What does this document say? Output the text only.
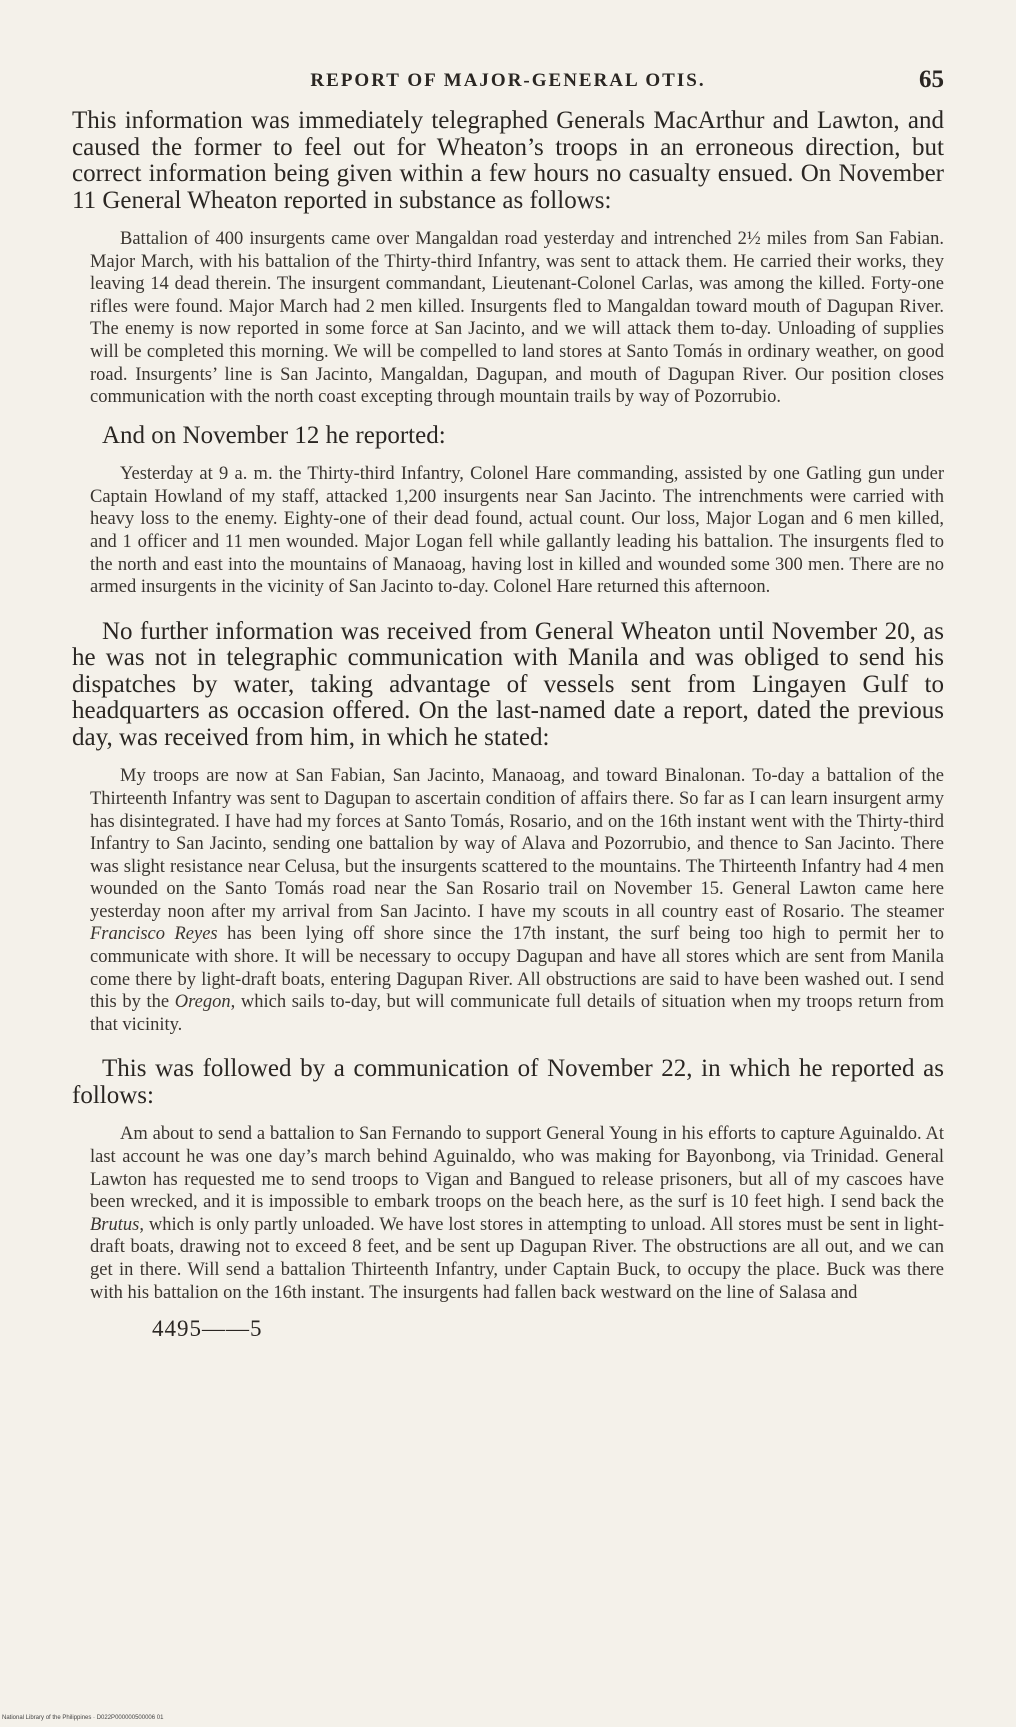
REPORT OF MAJOR-GENERAL OTIS.	65

This information was immediately telegraphed Generals MacArthur and Lawton, and caused the former to feel out for Wheaton’s troops in an erroneous direction, but correct information being given within a few hours no casualty ensued. On November 11 General Wheaton reported in substance as follows:

Battalion of 400 insurgents came over Mangaldan road yesterday and intrenched 2½ miles from San Fabian. Major March, with his battalion of the Thirty-third Infantry, was sent to attack them. He carried their works, they leaving 14 dead therein. The insurgent commandant, Lieutenant-Colonel Carlas, was among the killed. Forty-one rifles were found. Major March had 2 men killed. Insurgents fled to Mangaldan toward mouth of Dagupan River. The enemy is now reported in some force at San Jacinto, and we will attack them to-day. Unloading of supplies will be completed this morning. We will be compelled to land stores at Santo Tomás in ordinary weather, on good road. Insurgents’ line is San Jacinto, Mangaldan, Dagupan, and mouth of Dagupan River. Our position closes communication with the north coast excepting through mountain trails by way of Pozorrubio.

And on November 12 he reported:

Yesterday at 9 a. m. the Thirty-third Infantry, Colonel Hare commanding, assisted by one Gatling gun under Captain Howland of my staff, attacked 1,200 insurgents near San Jacinto. The intrenchments were carried with heavy loss to the enemy. Eighty-one of their dead found, actual count. Our loss, Major Logan and 6 men killed, and 1 officer and 11 men wounded. Major Logan fell while gallantly leading his battalion. The insurgents fled to the north and east into the mountains of Manaoag, having lost in killed and wounded some 300 men. There are no armed insurgents in the vicinity of San Jacinto to-day. Colonel Hare returned this afternoon.

No further information was received from General Wheaton until November 20, as he was not in telegraphic communication with Manila and was obliged to send his dispatches by water, taking advantage of vessels sent from Lingayen Gulf to headquarters as occasion offered. On the last-named date a report, dated the previous day, was received from him, in which he stated:

My troops are now at San Fabian, San Jacinto, Manaoag, and toward Binalonan. To-day a battalion of the Thirteenth Infantry was sent to Dagupan to ascertain condition of affairs there. So far as I can learn insurgent army has disintegrated. I have had my forces at Santo Tomás, Rosario, and on the 16th instant went with the Thirty-third Infantry to San Jacinto, sending one battalion by way of Alava and Pozorrubio, and thence to San Jacinto. There was slight resistance near Celusa, but the insurgents scattered to the mountains. The Thirteenth Infantry had 4 men wounded on the Santo Tomás road near the San Rosario trail on November 15. General Lawton came here yesterday noon after my arrival from San Jacinto. I have my scouts in all country east of Rosario. The steamer Francisco Reyes has been lying off shore since the 17th instant, the surf being too high to permit her to communicate with shore. It will be necessary to occupy Dagupan and have all stores which are sent from Manila come there by light-draft boats, entering Dagupan River. All obstructions are said to have been washed out. I send this by the Oregon, which sails to-day, but will communicate full details of situation when my troops return from that vicinity.

This was followed by a communication of November 22, in which he reported as follows:

Am about to send a battalion to San Fernando to support General Young in his efforts to capture Aguinaldo. At last account he was one day’s march behind Aguinaldo, who was making for Bayonbong, via Trinidad. General Lawton has requested me to send troops to Vigan and Bangued to release prisoners, but all of my cascoes have been wrecked, and it is impossible to embark troops on the beach here, as the surf is 10 feet high. I send back the Brutus, which is only partly unloaded. We have lost stores in attempting to unload. All stores must be sent in light-draft boats, drawing not to exceed 8 feet, and be sent up Dagupan River. The obstructions are all out, and we can get in there. Will send a battalion Thirteenth Infantry, under Captain Buck, to occupy the place. Buck was there with his battalion on the 16th instant. The insurgents had fallen back westward on the line of Salasa and

4495——5
National Library of the Philippines · D022P000000500006 01
